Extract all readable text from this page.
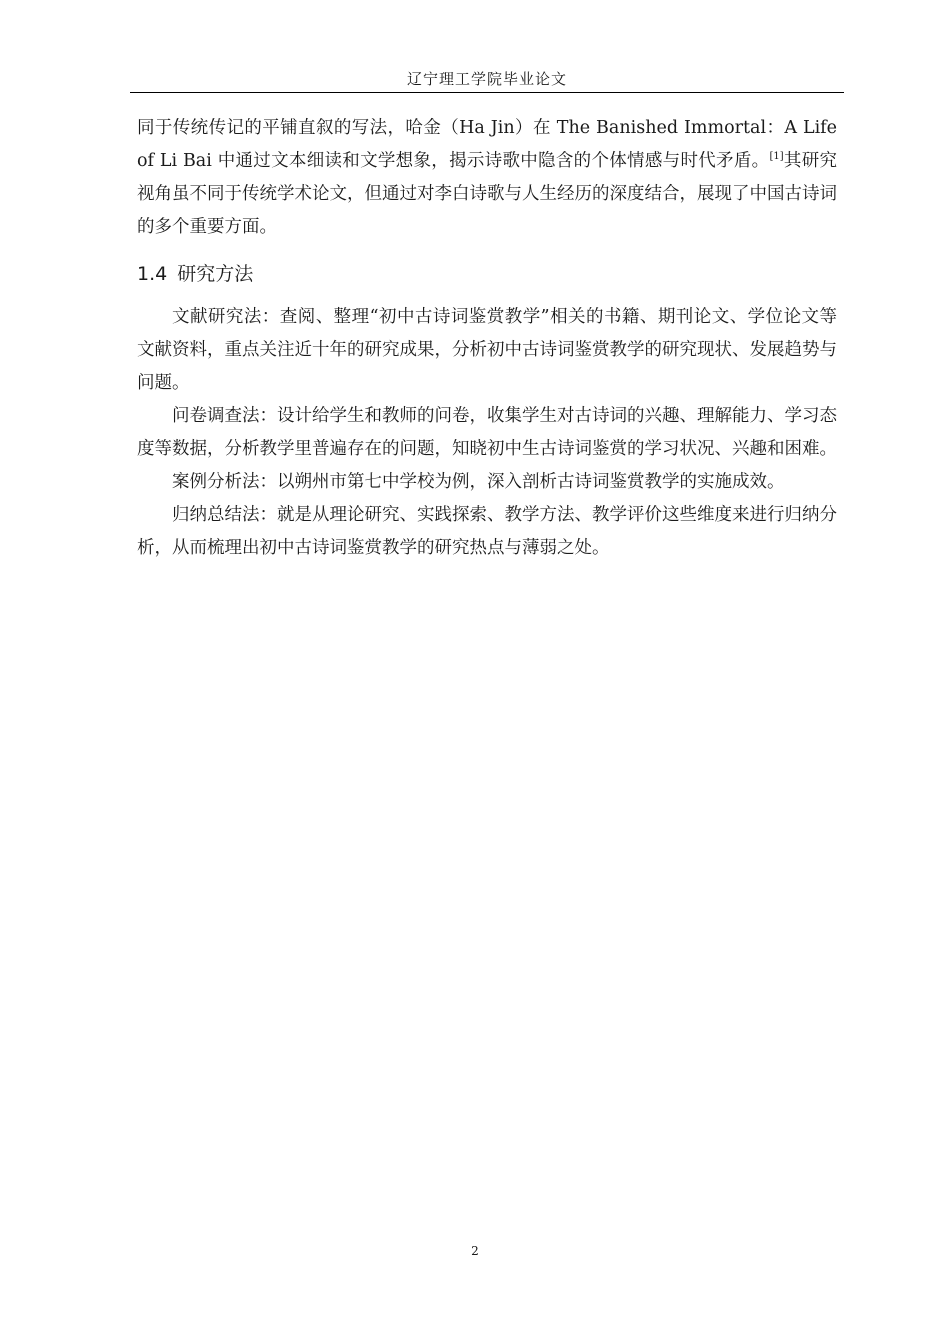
辽宁理工学院毕业论文

同于传统传记的平铺直叙的写法，哈金（Ha Jin）在 The Banished Immortal：A Life of Li Bai 中通过文本细读和文学想象，揭示诗歌中隐含的个体情感与时代矛盾。[1]其研究视角虽不同于传统学术论文，但通过对李白诗歌与人生经历的深度结合，展现了中国古诗词的多个重要方面。

1.4 研究方法

文献研究法：查阅、整理“初中古诗词鉴赏教学”相关的书籍、期刊论文、学位论文等文献资料，重点关注近十年的研究成果，分析初中古诗词鉴赏教学的研究现状、发展趋势与问题。

问卷调查法：设计给学生和教师的问卷，收集学生对古诗词的兴趣、理解能力、学习态度等数据，分析教学里普遍存在的问题，知晓初中生古诗词鉴赏的学习状况、兴趣和困难。

案例分析法：以朔州市第七中学校为例，深入剖析古诗词鉴赏教学的实施成效。

归纳总结法：就是从理论研究、实践探索、教学方法、教学评价这些维度来进行归纳分析，从而梳理出初中古诗词鉴赏教学的研究热点与薄弱之处。

2
